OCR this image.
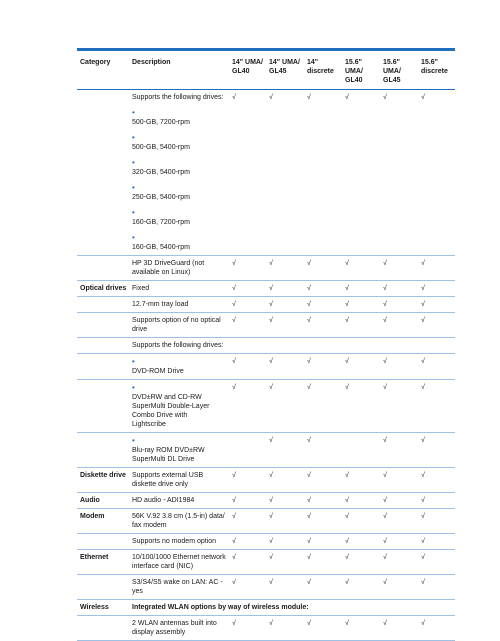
Category	Description	14" UMA/ GL40	14" UMA/ GL45	14" discrete	15.6" UMA/ GL40	15.6" UMA/ GL45	15.6" discrete
	Supports the following drives:	√	√	√	√	√	√
	•500-GB, 7200-rpm						
	•500-GB, 5400-rpm						
	•320-GB, 5400-rpm						
	•250-GB, 5400-rpm						
	•160-GB, 7200-rpm						
	•160-GB, 5400-rpm						
	HP 3D DriveGuard (not available on Linux)	√	√	√	√	√	√
Optical drives	Fixed	√	√	√	√	√	√
	12.7-mm tray load	√	√	√	√	√	√
	Supports option of no optical drive	√	√	√	√	√	√
	Supports the following drives:						
	•DVD-ROM Drive	√	√	√	√	√	√
	•DVD±RW and CD-RW SuperMulti Double-Layer Combo Drive with Lightscribe	√	√	√	√	√	√
	•Blu-ray ROM DVD±RW SuperMulti DL Drive		√	√		√	√
Diskette drive	Supports external USB diskette drive only	√	√	√	√	√	√
Audio	HD audio - ADI1984	√	√	√	√	√	√
Modem	56K V.92 3.8 cm (1.5-in) data/ fax modem	√	√	√	√	√	√
	Supports no modem option	√	√	√	√	√	√
Ethernet	10/100/1000 Ethernet network interface card (NIC)	√	√	√	√	√	√
	S3/S4/S5 wake on LAN: AC - yes	√	√	√	√	√	√
Wireless	Integrated WLAN options by way of wireless module:						
	2 WLAN antennas built into display assembly	√	√	√	√	√	√
